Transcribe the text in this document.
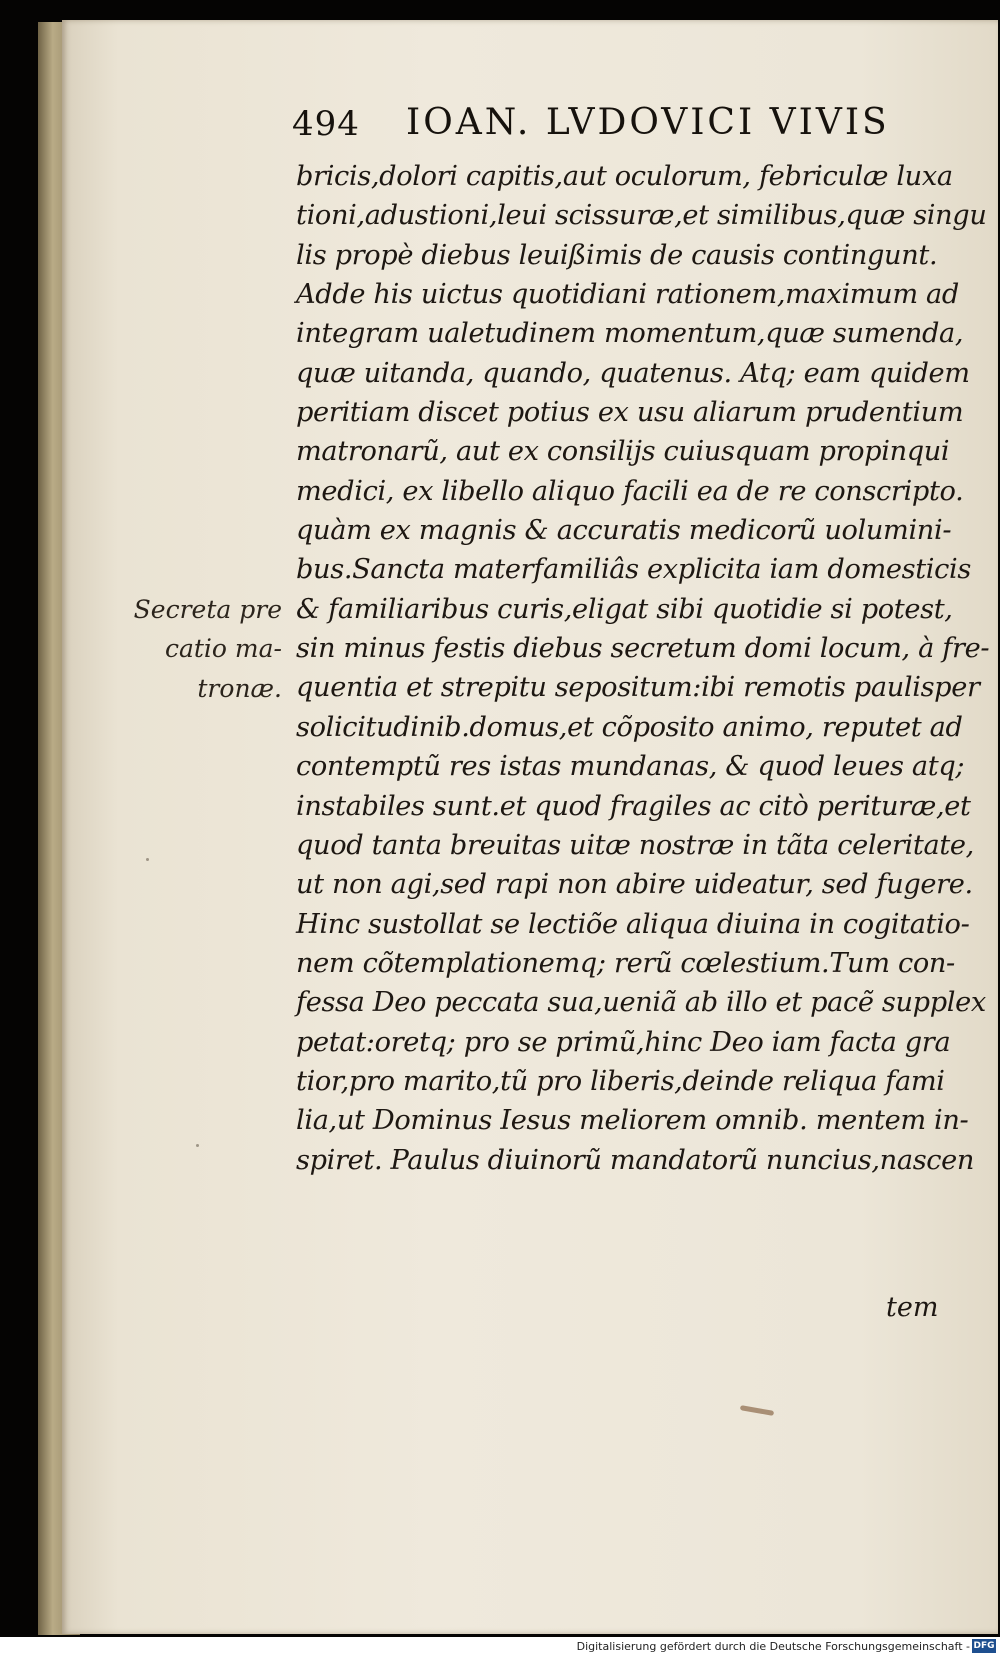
494 IOAN. LVDOVICI VIVIS
Secreta pre
catio ma-
tronæ.
bricis,dolori capitis,aut oculorum, febriculæ luxa
tioni,adustioni,leui scissuræ,et similibus,quæ singu
lis propè diebus leuißimis de causis contingunt.
Adde his uictus quotidiani rationem,maximum ad
integram ualetudinem momentum,quæ sumenda,
quæ uitanda, quando, quatenus. Atq; eam quidem
peritiam discet potius ex usu aliarum prudentium
matronarũ, aut ex consilijs cuiusquam propinqui
medici, ex libello aliquo facili ea de re conscripto.
quàm ex magnis & accuratis medicorũ uolumini-
bus.Sancta materfamiliâs explicita iam domesticis
& familiaribus curis,eligat sibi quotidie si potest,
sin minus festis diebus secretum domi locum, à fre-
quentia et strepitu sepositum:ibi remotis paulisper
solicitudinib.domus,et cõposito animo, reputet ad
contemptũ res istas mundanas, & quod leues atq;
instabiles sunt.et quod fragiles ac citò perituræ,et
quod tanta breuitas uitæ nostræ in tãta celeritate,
ut non agi,sed rapi non abire uideatur, sed fugere.
Hinc sustollat se lectiõe aliqua diuina in cogitatio-
nem cõtemplationemq; rerũ cœlestium.Tum con-
fessa Deo peccata sua,ueniã ab illo et pacẽ supplex
petat:oretq; pro se primũ,hinc Deo iam facta gra
tior,pro marito,tũ pro liberis,deinde reliqua fami
lia,ut Dominus Iesus meliorem omnib. mentem in-
spiret. Paulus diuinorũ mandatorũ nuncius,nascen
tem
Digitalisierung gefördert durch die Deutsche Forschungsgemeinschaft - DFG
